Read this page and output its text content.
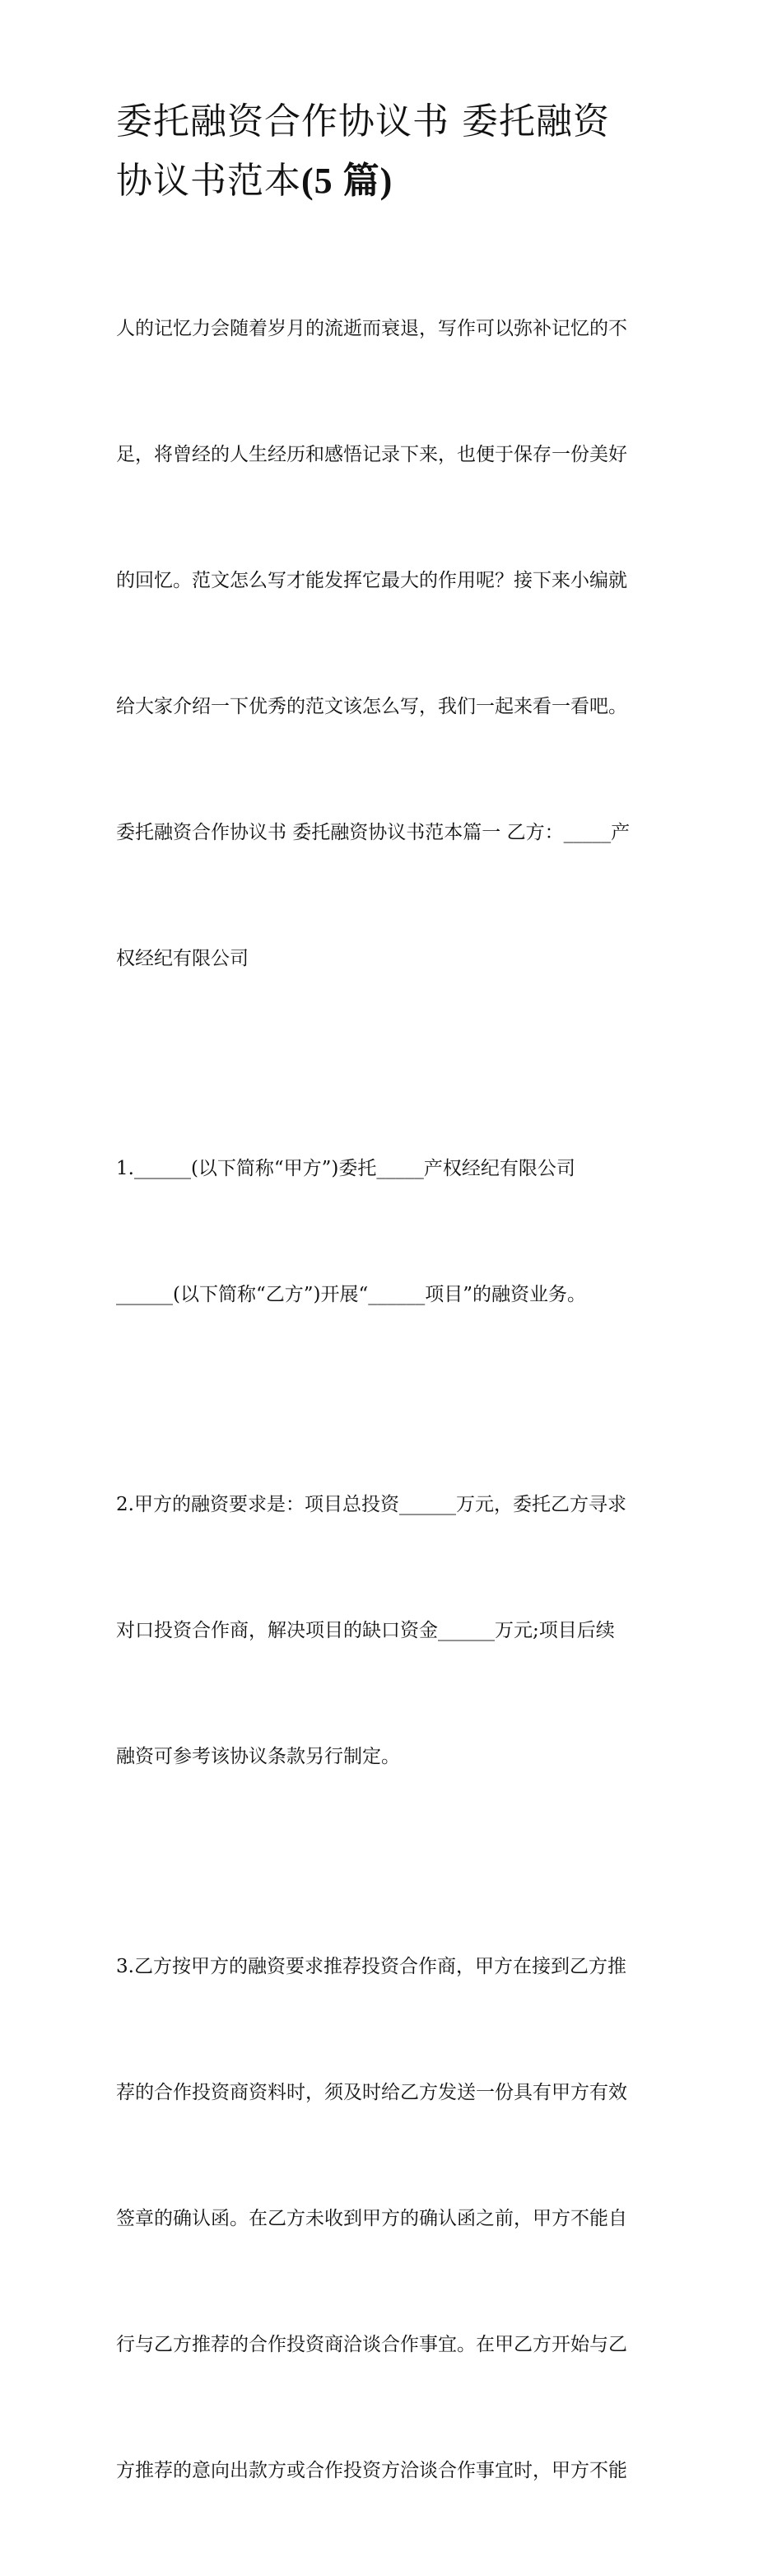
委托融资合作协议书 委托融资
协议书范本(5 篇)

人的记忆力会随着岁月的流逝而衰退，写作可以弥补记忆的不

足，将曾经的人生经历和感悟记录下来，也便于保存一份美好

的回忆。范文怎么写才能发挥它最大的作用呢？接下来小编就

给大家介绍一下优秀的范文该怎么写，我们一起来看一看吧。

委托融资合作协议书 委托融资协议书范本篇一 乙方：_____产

权经纪有限公司

1.______(以下简称“甲方”)委托_____产权经纪有限公司

______(以下简称“乙方”)开展“______项目”的融资业务。

2.甲方的融资要求是：项目总投资______万元，委托乙方寻求

对口投资合作商，解决项目的缺口资金______万元;项目后续

融资可参考该协议条款另行制定。

3.乙方按甲方的融资要求推荐投资合作商，甲方在接到乙方推

荐的合作投资商资料时，须及时给乙方发送一份具有甲方有效

签章的确认函。在乙方未收到甲方的确认函之前，甲方不能自

行与乙方推荐的合作投资商洽谈合作事宜。在甲乙方开始与乙

方推荐的意向出款方或合作投资方洽谈合作事宜时，甲方不能
